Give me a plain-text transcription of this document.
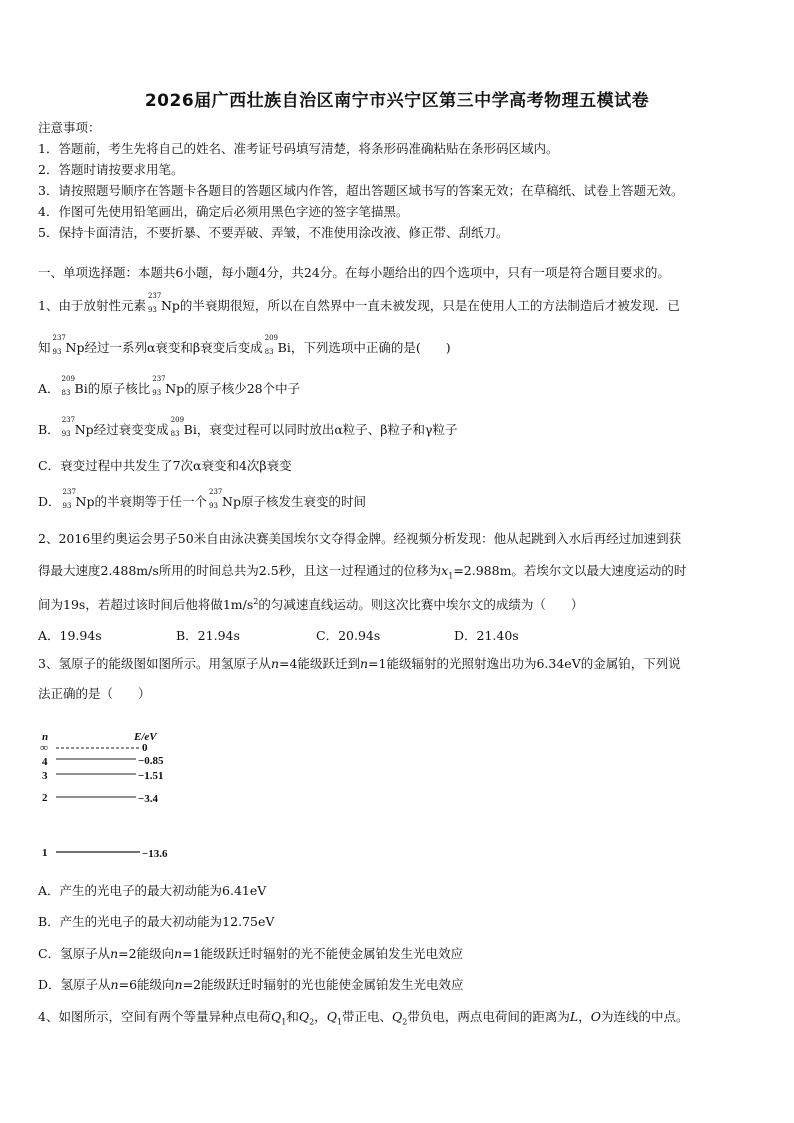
2026届广西壮族自治区南宁市兴宁区第三中学高考物理五模试卷
注意事项：
1．答题前，考生先将自己的姓名、准考证号码填写清楚，将条形码准确粘贴在条形码区域内。
2．答题时请按要求用笔。
3．请按照题号顺序在答题卡各题目的答题区域内作答，超出答题区域书写的答案无效；在草稿纸、试卷上答题无效。
4．作图可先使用铅笔画出，确定后必须用黑色字迹的签字笔描黑。
5．保持卡面清洁，不要折暴、不要弄破、弄皱，不准使用涂改液、修正带、刮纸刀。
一、单项选择题：本题共6小题，每小题4分，共24分。在每小题给出的四个选项中，只有一项是符合题目要求的。
1、由于放射性元素
237
93 Np的半衰期很短，所以在自然界中一直未被发现，只是在使用人工的方法制造后才被发现．已
知
237
93 Np经过一系列α衰变和β衰变后变成
209
83 Bi，下列选项中正确的是(　　)
A．
209
83 Bi的原子核比
237
93 Np的原子核少28个中子
B．
237
93 Np经过衰变变成
209
83 Bi，衰变过程可以同时放出α粒子、β粒子和γ粒子
C．衰变过程中共发生了7次α衰变和4次β衰变
D．
237
93 Np的半衰期等于任一个
237
93 Np原子核发生衰变的时间
2、2016里约奥运会男子50米自由泳决赛美国埃尔文夺得金牌。经视频分析发现：他从起跳到入水后再经过加速到获
得最大速度2.488m/s所用的时间总共为2.5秒，且这一过程通过的位移为$x_1=2.988m$。若埃尔文以最大速度运动的时
间为19s，若超过该时间后他将做$1m/s^2$的匀减速直线运动。则这次比赛中埃尔文的成绩为（　　）
A．19.94s	B．21.94s	C．20.94s	D．21.40s
3、氢原子的能级图如图所示。用氢原子从n=4能级跃迁到n=1能级辐射的光照射逸出功为6.34eV的金属铂，下列说
法正确的是（　　）
n	E/eV
∞	0
4	−0.85
3	−1.51
2	−3.4
1	−13.6
A．产生的光电子的最大初动能为6.41eV
B．产生的光电子的最大初动能为12.75eV
C．氢原子从n=2能级向n=1能级跃迁时辐射的光不能使金属铂发生光电效应
D．氢原子从n=6能级向n=2能级跃迁时辐射的光也能使金属铂发生光电效应
4、如图所示，空间有两个等量异种点电荷$Q_1$和$Q_2$，$Q_1$带正电、$Q_2$带负电，两点电荷间的距离为L，O为连线的中点。
